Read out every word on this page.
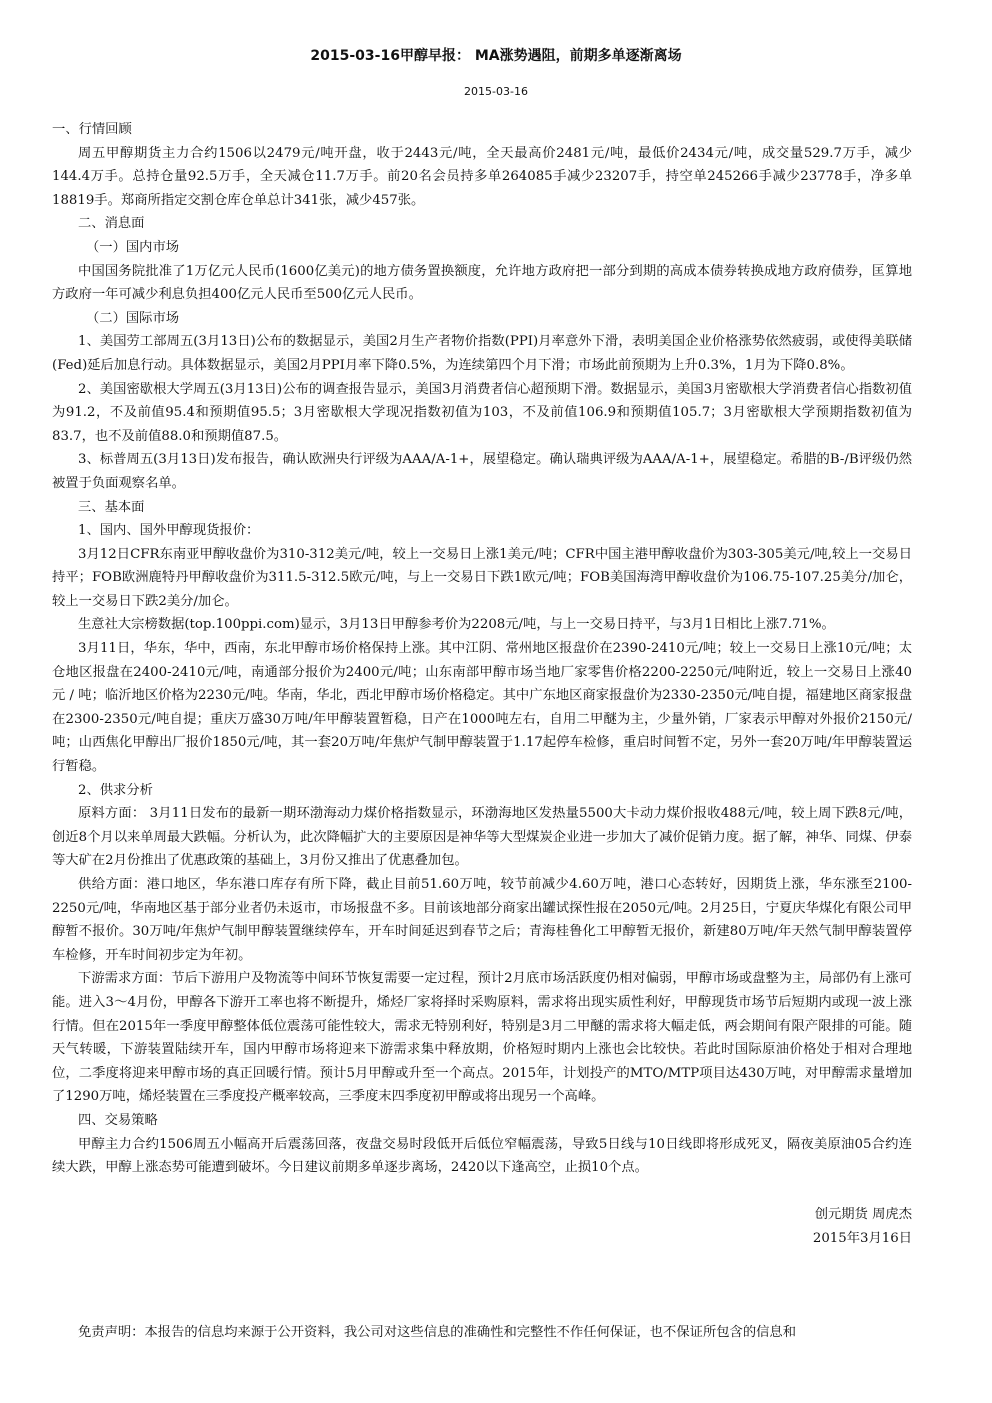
2015-03-16甲醇早报： MA涨势遇阻，前期多单逐渐离场
2015-03-16

一、行情回顾

周五甲醇期货主力合约1506以2479元/吨开盘，收于2443元/吨，全天最高价2481元/吨，最低价2434元/吨，成交量529.7万手，减少144.4万手。总持仓量92.5万手，全天减仓11.7万手。前20名会员持多单264085手减少23207手，持空单245266手减少23778手，净多单18819手。郑商所指定交割仓库仓单总计341张，减少457张。

二、消息面

（一）国内市场

中国国务院批准了1万亿元人民币(1600亿美元)的地方债务置换额度，允许地方政府把一部分到期的高成本债券转换成地方政府债券，匡算地方政府一年可减少利息负担400亿元人民币至500亿元人民币。

（二）国际市场

1、美国劳工部周五(3月13日)公布的数据显示，美国2月生产者物价指数(PPI)月率意外下滑，表明美国企业价格涨势依然疲弱，或使得美联储(Fed)延后加息行动。具体数据显示，美国2月PPI月率下降0.5%，为连续第四个月下滑；市场此前预期为上升0.3%，1月为下降0.8%。

2、美国密歇根大学周五(3月13日)公布的调查报告显示，美国3月消费者信心超预期下滑。数据显示，美国3月密歇根大学消费者信心指数初值为91.2，不及前值95.4和预期值95.5；3月密歇根大学现况指数初值为103，不及前值106.9和预期值105.7；3月密歇根大学预期指数初值为83.7，也不及前值88.0和预期值87.5。

3、标普周五(3月13日)发布报告，确认欧洲央行评级为AAA/A-1+，展望稳定。确认瑞典评级为AAA/A-1+，展望稳定。希腊的B-/B评级仍然被置于负面观察名单。

三、基本面

1、国内、国外甲醇现货报价：

3月12日CFR东南亚甲醇收盘价为310-312美元/吨，较上一交易日上涨1美元/吨；CFR中国主港甲醇收盘价为303-305美元/吨,较上一交易日持平；FOB欧洲鹿特丹甲醇收盘价为311.5-312.5欧元/吨，与上一交易日下跌1欧元/吨；FOB美国海湾甲醇收盘价为106.75-107.25美分/加仑，较上一交易日下跌2美分/加仑。

生意社大宗榜数据(top.100ppi.com)显示，3月13日甲醇参考价为2208元/吨，与上一交易日持平，与3月1日相比上涨7.71%。

3月11日，华东，华中，西南，东北甲醇市场价格保持上涨。其中江阴、常州地区报盘价在2390-2410元/吨；较上一交易日上涨10元/吨；太仓地区报盘在2400-2410元/吨，南通部分报价为2400元/吨；山东南部甲醇市场当地厂家零售价格2200-2250元/吨附近，较上一交易日上涨40元 / 吨；临沂地区价格为2230元/吨。华南，华北，西北甲醇市场价格稳定。其中广东地区商家报盘价为2330-2350元/吨自提，福建地区商家报盘在2300-2350元/吨自提；重庆万盛30万吨/年甲醇装置暂稳，日产在1000吨左右，自用二甲醚为主，少量外销，厂家表示甲醇对外报价2150元/吨；山西焦化甲醇出厂报价1850元/吨，其一套20万吨/年焦炉气制甲醇装置于1.17起停车检修，重启时间暂不定，另外一套20万吨/年甲醇装置运行暂稳。

2、供求分析

原料方面： 3月11日发布的最新一期环渤海动力煤价格指数显示，环渤海地区发热量5500大卡动力煤价报收488元/吨，较上周下跌8元/吨，创近8个月以来单周最大跌幅。分析认为，此次降幅扩大的主要原因是神华等大型煤炭企业进一步加大了减价促销力度。据了解，神华、同煤、伊泰等大矿在2月份推出了优惠政策的基础上，3月份又推出了优惠叠加包。

供给方面：港口地区，华东港口库存有所下降，截止目前51.60万吨，较节前减少4.60万吨，港口心态转好，因期货上涨，华东涨至2100-2250元/吨，华南地区基于部分业者仍未返市，市场报盘不多。目前该地部分商家出罐试探性报在2050元/吨。2月25日，宁夏庆华煤化有限公司甲醇暂不报价。30万吨/年焦炉气制甲醇装置继续停车，开车时间延迟到春节之后；青海桂鲁化工甲醇暂无报价，新建80万吨/年天然气制甲醇装置停车检修，开车时间初步定为年初。

下游需求方面：节后下游用户及物流等中间环节恢复需要一定过程，预计2月底市场活跃度仍相对偏弱，甲醇市场或盘整为主，局部仍有上涨可能。进入3～4月份，甲醇各下游开工率也将不断提升，烯烃厂家将择时采购原料，需求将出现实质性利好，甲醇现货市场节后短期内或现一波上涨行情。但在2015年一季度甲醇整体低位震荡可能性较大，需求无特别利好，特别是3月二甲醚的需求将大幅走低，两会期间有限产限排的可能。随天气转暖，下游装置陆续开车，国内甲醇市场将迎来下游需求集中释放期，价格短时期内上涨也会比较快。若此时国际原油价格处于相对合理地位，二季度将迎来甲醇市场的真正回暖行情。预计5月甲醇或升至一个高点。2015年，计划投产的MTO/MTP项目达430万吨，对甲醇需求量增加了1290万吨，烯烃装置在三季度投产概率较高，三季度末四季度初甲醇或将出现另一个高峰。

四、交易策略

甲醇主力合约1506周五小幅高开后震荡回落，夜盘交易时段低开后低位窄幅震荡，导致5日线与10日线即将形成死叉，隔夜美原油05合约连续大跌，甲醇上涨态势可能遭到破坏。今日建议前期多单逐步离场，2420以下逢高空，止损10个点。

创元期货 周虎杰

2015年3月16日

免责声明：本报告的信息均来源于公开资料，我公司对这些信息的准确性和完整性不作任何保证，也不保证所包含的信息和
